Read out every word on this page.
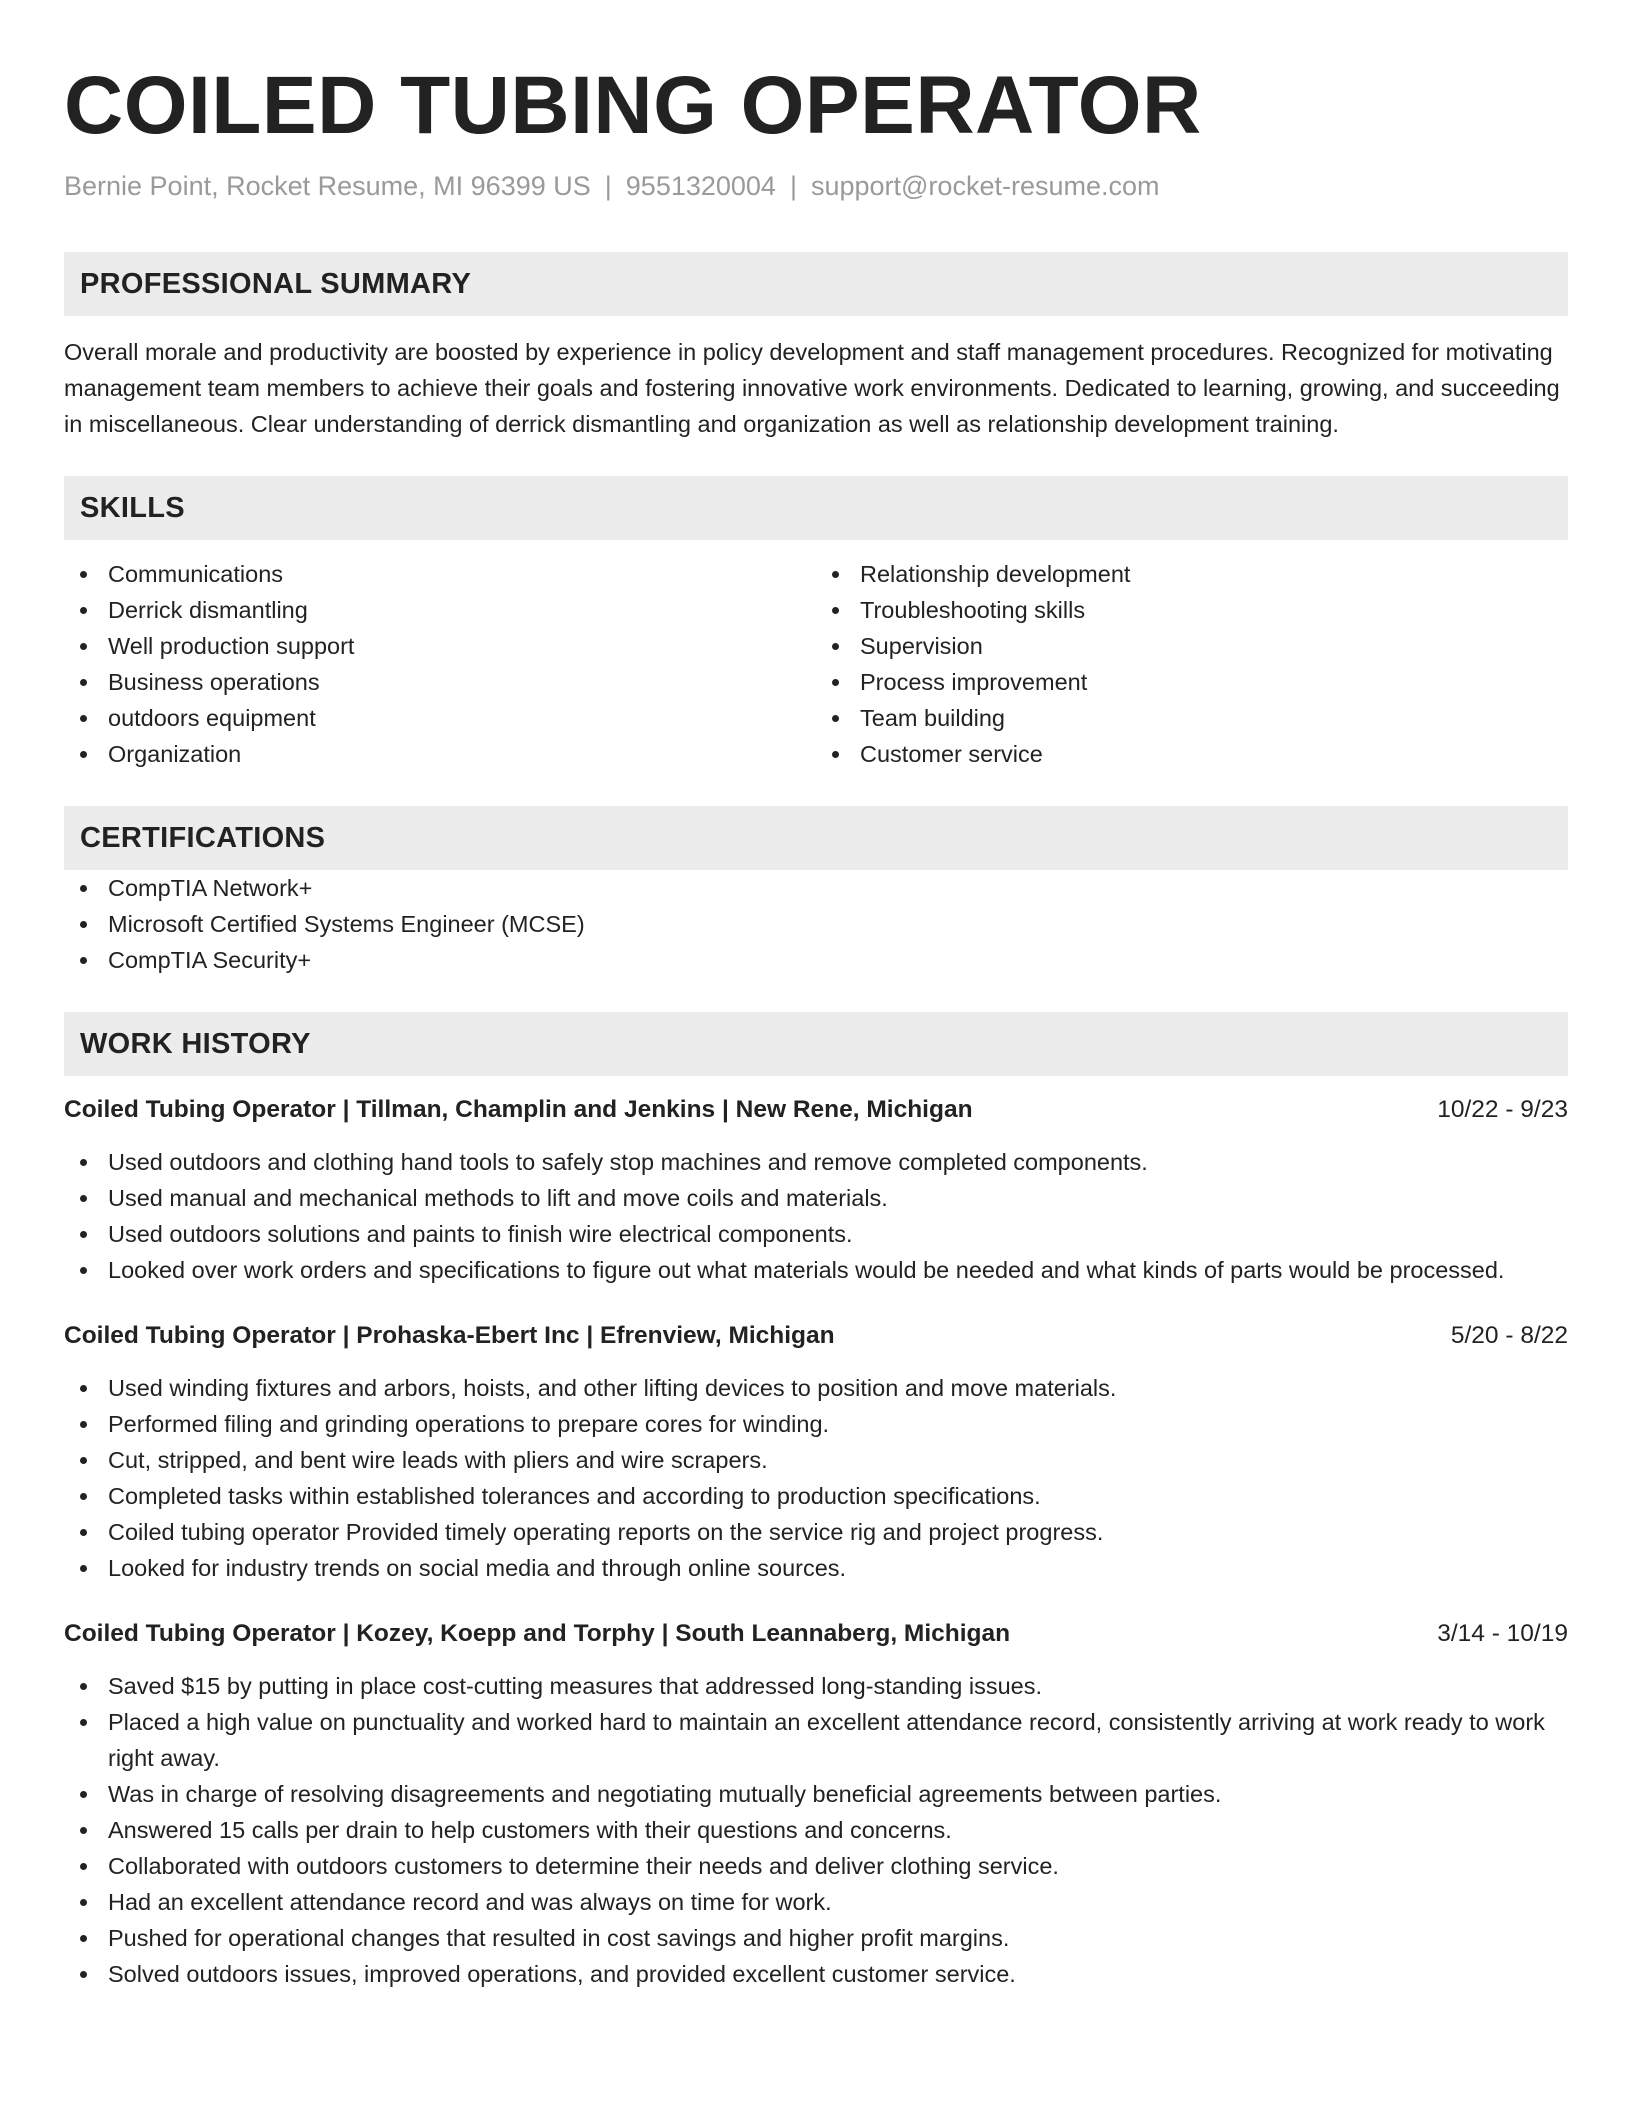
COILED TUBING OPERATOR
Bernie Point, Rocket Resume, MI 96399 US | 9551320004 | support@rocket-resume.com
PROFESSIONAL SUMMARY

Overall morale and productivity are boosted by experience in policy development and staff management procedures. Recognized for motivating management team members to achieve their goals and fostering innovative work environments. Dedicated to learning, growing, and succeeding in miscellaneous. Clear understanding of derrick dismantling and organization as well as relationship development training.

SKILLS
Communications
Derrick dismantling
Well production support
Business operations
outdoors equipment
Organization
Relationship development
Troubleshooting skills
Supervision
Process improvement
Team building
Customer service
CERTIFICATIONS
CompTIA Network+
Microsoft Certified Systems Engineer (MCSE)
CompTIA Security+
WORK HISTORY
Coiled Tubing Operator | Tillman, Champlin and Jenkins | New Rene, Michigan	10/22 - 9/23
Used outdoors and clothing hand tools to safely stop machines and remove completed components.
Used manual and mechanical methods to lift and move coils and materials.
Used outdoors solutions and paints to finish wire electrical components.
Looked over work orders and specifications to figure out what materials would be needed and what kinds of parts would be processed.
Coiled Tubing Operator | Prohaska-Ebert Inc | Efrenview, Michigan	5/20 - 8/22
Used winding fixtures and arbors, hoists, and other lifting devices to position and move materials.
Performed filing and grinding operations to prepare cores for winding.
Cut, stripped, and bent wire leads with pliers and wire scrapers.
Completed tasks within established tolerances and according to production specifications.
Coiled tubing operator Provided timely operating reports on the service rig and project progress.
Looked for industry trends on social media and through online sources.
Coiled Tubing Operator | Kozey, Koepp and Torphy | South Leannaberg, Michigan	3/14 - 10/19
Saved $15 by putting in place cost-cutting measures that addressed long-standing issues.
Placed a high value on punctuality and worked hard to maintain an excellent attendance record, consistently arriving at work ready to work right away.
Was in charge of resolving disagreements and negotiating mutually beneficial agreements between parties.
Answered 15 calls per drain to help customers with their questions and concerns.
Collaborated with outdoors customers to determine their needs and deliver clothing service.
Had an excellent attendance record and was always on time for work.
Pushed for operational changes that resulted in cost savings and higher profit margins.
Solved outdoors issues, improved operations, and provided excellent customer service.
